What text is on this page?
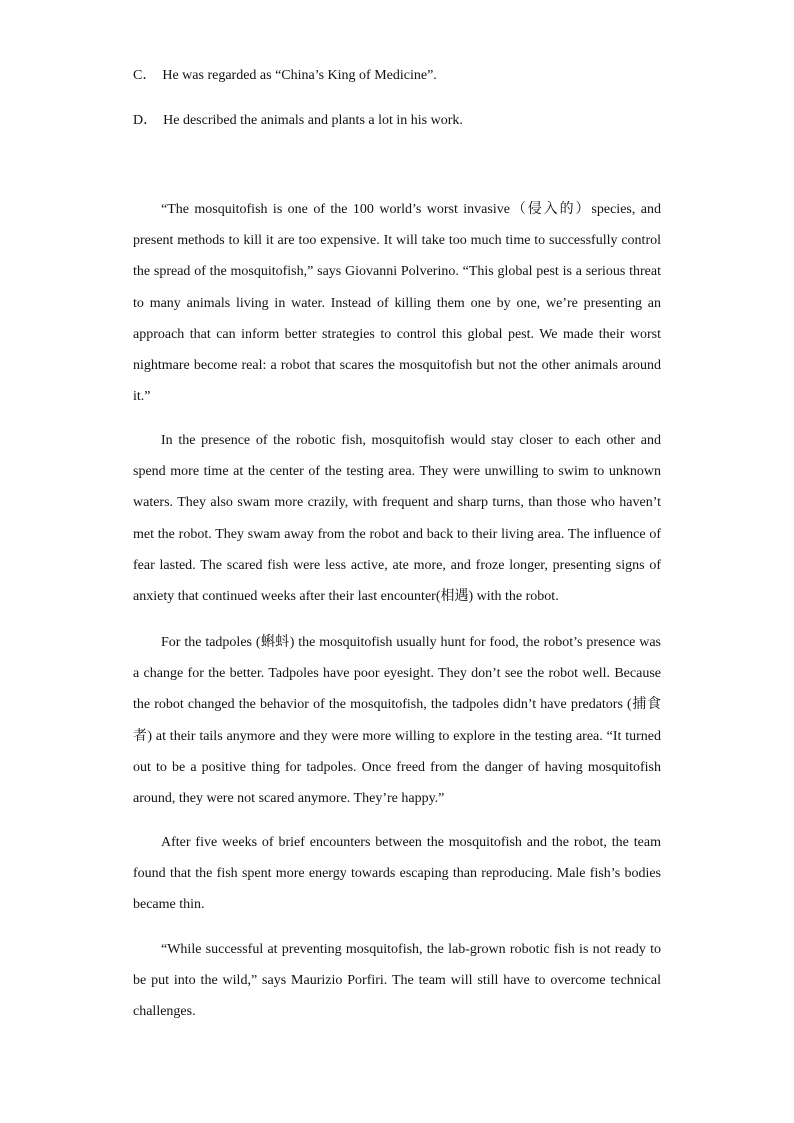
C． He was regarded as “China’s King of Medicine”.
D． He described the animals and plants a lot in his work.

“The mosquitofish is one of the 100 world’s worst invasive（侵入的）species, and present methods to kill it are too expensive. It will take too much time to successfully control the spread of the mosquitofish,” says Giovanni Polverino. “This global pest is a serious threat to many animals living in water. Instead of killing them one by one, we’re presenting an approach that can inform better strategies to control this global pest. We made their worst nightmare become real: a robot that scares the mosquitofish but not the other animals around it.”

In the presence of the robotic fish, mosquitofish would stay closer to each other and spend more time at the center of the testing area. They were unwilling to swim to unknown waters. They also swam more crazily, with frequent and sharp turns, than those who haven’t met the robot. They swam away from the robot and back to their living area. The influence of fear lasted. The scared fish were less active, ate more, and froze longer, presenting signs of anxiety that continued weeks after their last encounter(相遇) with the robot.

For the tadpoles (蝌蚪) the mosquitofish usually hunt for food, the robot’s presence was a change for the better. Tadpoles have poor eyesight. They don’t see the robot well. Because the robot changed the behavior of the mosquitofish, the tadpoles didn’t have predators (捕食者) at their tails anymore and they were more willing to explore in the testing area. “It turned out to be a positive thing for tadpoles. Once freed from the danger of having mosquitofish around, they were not scared anymore. They’re happy.”

After five weeks of brief encounters between the mosquitofish and the robot, the team found that the fish spent more energy towards escaping than reproducing. Male fish’s bodies became thin.

“While successful at preventing mosquitofish, the lab-grown robotic fish is not ready to be put into the wild,” says Maurizio Porfiri. The team will still have to overcome technical challenges.
